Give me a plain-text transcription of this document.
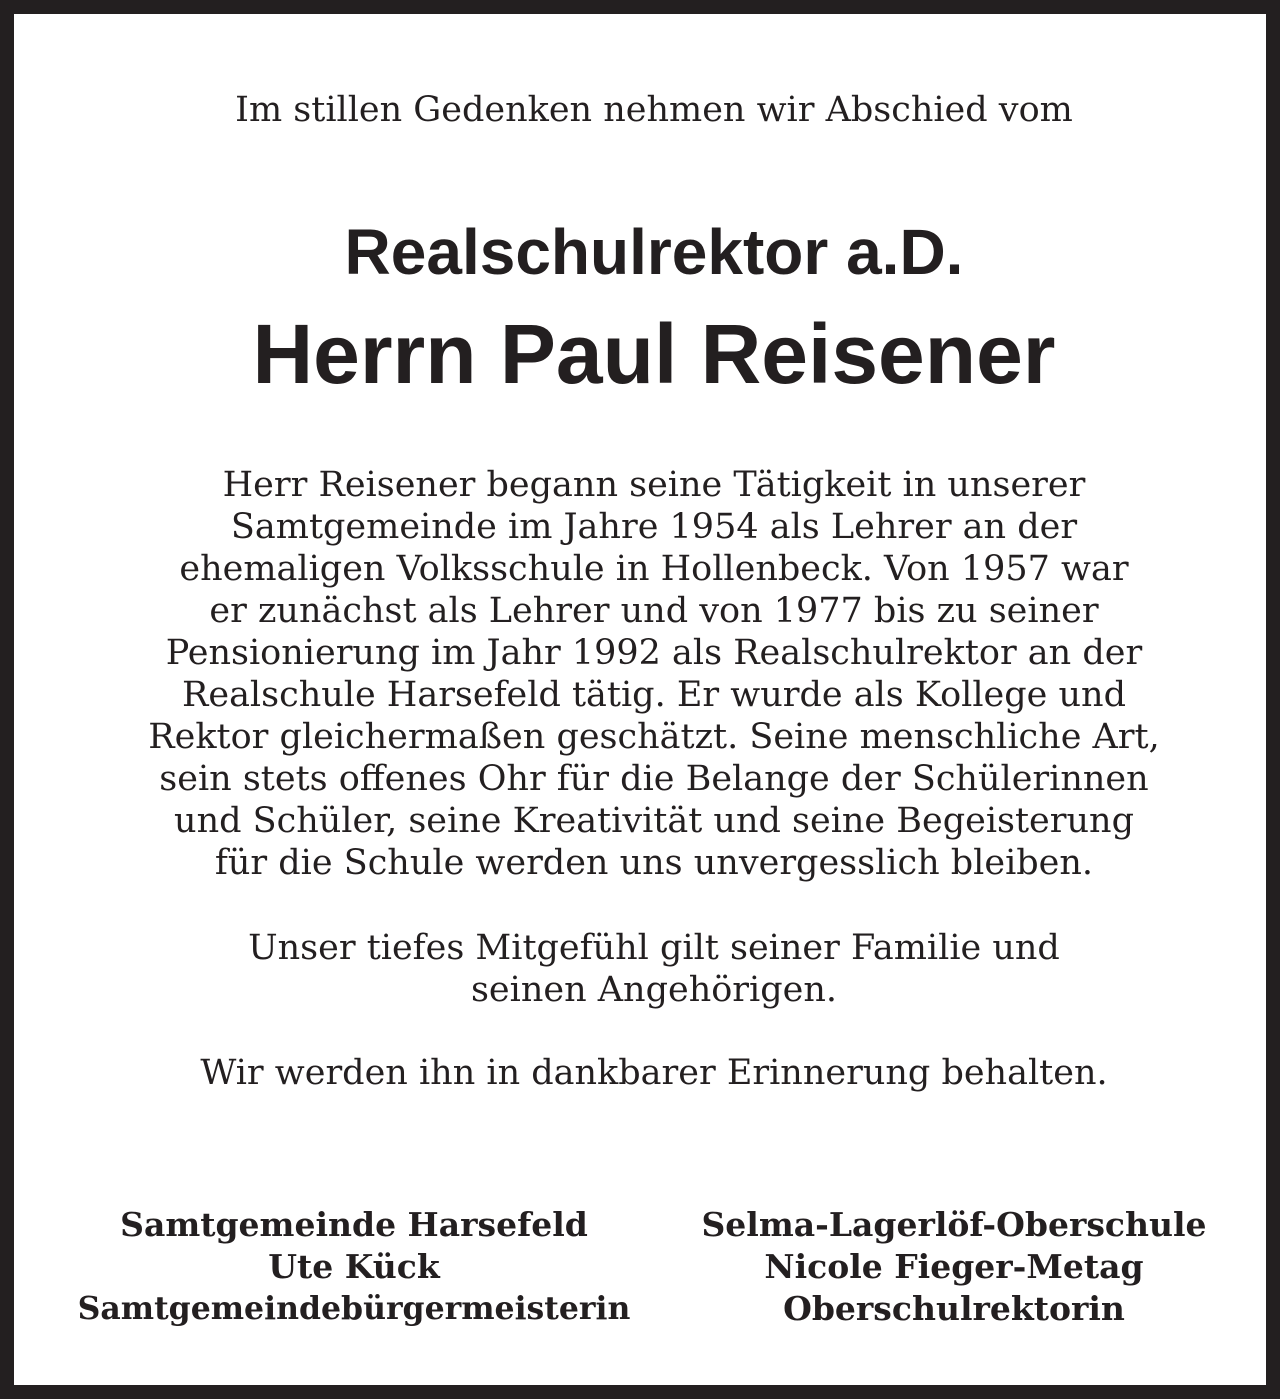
Im stillen Gedenken nehmen wir Abschied vom
Realschulrektor a.D.
Herrn Paul Reisener
Herr Reisener begann seine Tätigkeit in unserer
Samtgemeinde im Jahre 1954 als Lehrer an der
ehemaligen Volksschule in Hollenbeck. Von 1957 war
er zunächst als Lehrer und von 1977 bis zu seiner
Pensionierung im Jahr 1992 als Realschulrektor an der
Realschule Harsefeld tätig. Er wurde als Kollege und
Rektor gleichermaßen geschätzt. Seine menschliche Art,
sein stets offenes Ohr für die Belange der Schülerinnen
und Schüler, seine Kreativität und seine Begeisterung
für die Schule werden uns unvergesslich bleiben.
Unser tiefes Mitgefühl gilt seiner Familie und
seinen Angehörigen.
Wir werden ihn in dankbarer Erinnerung behalten.
Samtgemeinde Harsefeld
Ute Kück
Samtgemeindebürgermeisterin
Selma-Lagerlöf-Oberschule
Nicole Fieger-Metag
Oberschulrektorin
